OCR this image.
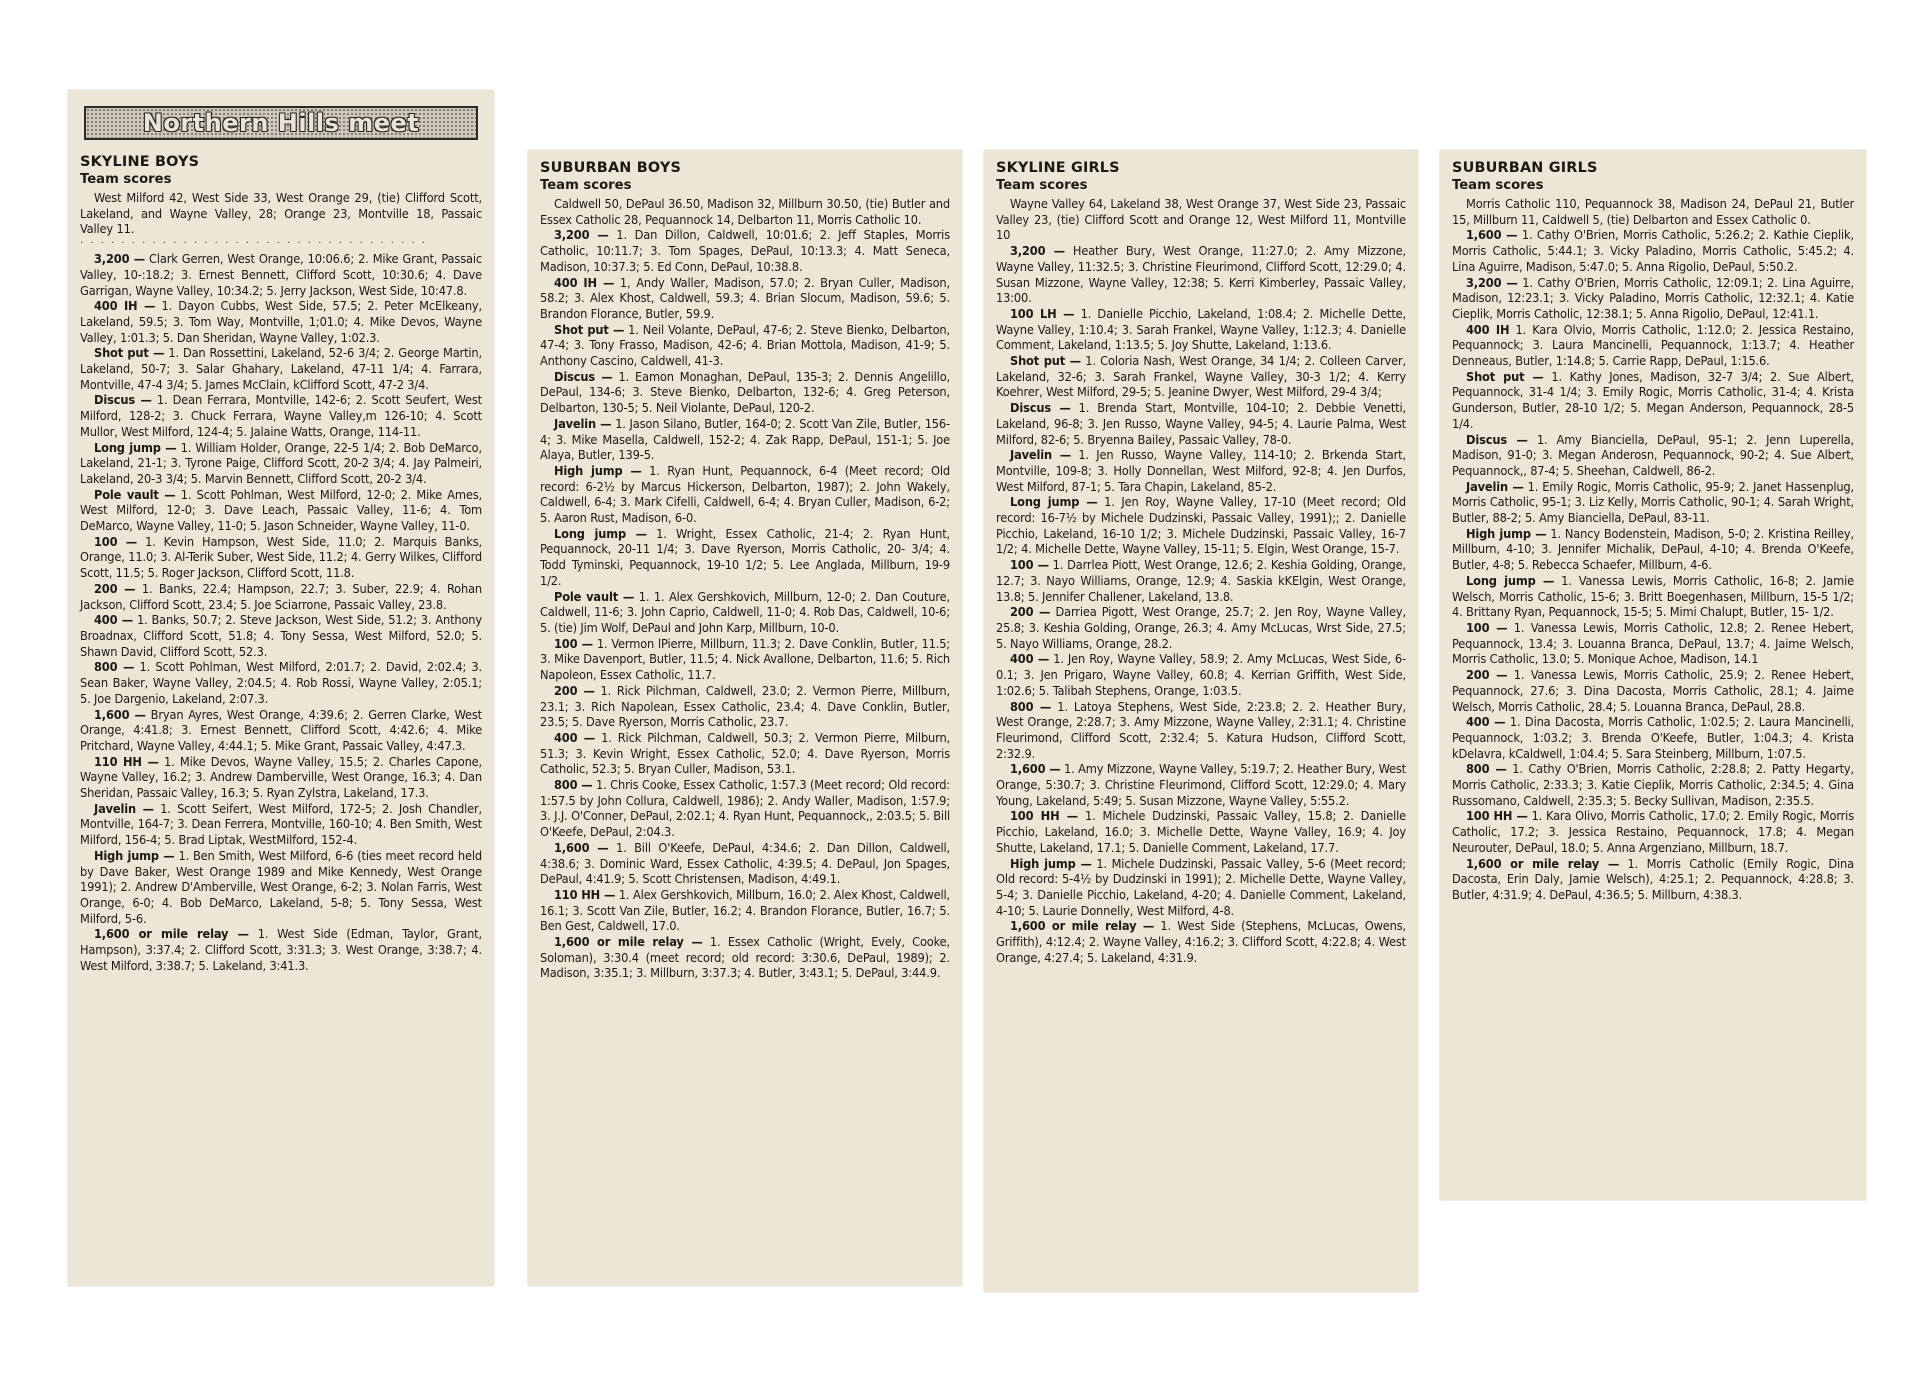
Northern Hills meet
SKYLINE BOYS
Team scores

West Milford 42, West Side 33, West Orange 29, (tie) Clifford Scott, Lakeland, and Wayne Valley, 28; Orange 23, Montville 18, Passaic Valley 11.

· · · · · · · · · · · · · · · · · · · · · · · · · · · · · · · · · ·

3,200 — Clark Gerren, West Orange, 10:06.6; 2. Mike Grant, Passaic Valley, 10-:18.2; 3. Ernest Bennett, Clifford Scott, 10:30.6; 4. Dave Garrigan, Wayne Valley, 10:34.2; 5. Jerry Jackson, West Side, 10:47.8.

400 IH — 1. Dayon Cubbs, West Side, 57.5; 2. Peter McElkeany, Lakeland, 59.5; 3. Tom Way, Montville, 1;01.0; 4. Mike Devos, Wayne Valley, 1:01.3; 5. Dan Sheridan, Wayne Valley, 1:02.3.

Shot put — 1. Dan Rossettini, Lakeland, 52-6 3/4; 2. George Martin, Lakeland, 50-7; 3. Salar Ghahary, Lakeland, 47-11 1/4; 4. Farrara, Montville, 47-4 3/4; 5. James McClain, kClifford Scott, 47-2 3/4.

Discus — 1. Dean Ferrara, Montville, 142-6; 2. Scott Seufert, West Milford, 128-2; 3. Chuck Ferrara, Wayne Valley,m 126-10; 4. Scott Mullor, West Milford, 124-4; 5. Jalaine Watts, Orange, 114-11.

Long jump — 1. William Holder, Orange, 22-5 1/4; 2. Bob DeMarco, Lakeland, 21-1; 3. Tyrone Paige, Clifford Scott, 20-2 3/4; 4. Jay Palmeiri, Lakeland, 20-3 3/4; 5. Marvin Bennett, Clifford Scott, 20-2 3/4.

Pole vault — 1. Scott Pohlman, West Milford, 12-0; 2. Mike Ames, West Milford, 12-0; 3. Dave Leach, Passaic Valley, 11-6; 4. Tom DeMarco, Wayne Valley, 11-0; 5. Jason Schneider, Wayne Valley, 11-0.

100 — 1. Kevin Hampson, West Side, 11.0; 2. Marquis Banks, Orange, 11.0; 3. Al-Terik Suber, West Side, 11.2; 4. Gerry Wilkes, Clifford Scott, 11.5; 5. Roger Jackson, Clifford Scott, 11.8.

200 — 1. Banks, 22.4; Hampson, 22.7; 3. Suber, 22.9; 4. Rohan Jackson, Clifford Scott, 23.4; 5. Joe Sciarrone, Passaic Valley, 23.8.

400 — 1. Banks, 50.7; 2. Steve Jackson, West Side, 51.2; 3. Anthony Broadnax, Clifford Scott, 51.8; 4. Tony Sessa, West Milford, 52.0; 5. Shawn David, Clifford Scott, 52.3.

800 — 1. Scott Pohlman, West Milford, 2:01.7; 2. David, 2:02.4; 3. Sean Baker, Wayne Valley, 2:04.5; 4. Rob Rossi, Wayne Valley, 2:05.1; 5. Joe Dargenio, Lakeland, 2:07.3.

1,600 — Bryan Ayres, West Orange, 4:39.6; 2. Gerren Clarke, West Orange, 4:41.8; 3. Ernest Bennett, Clifford Scott, 4:42.6; 4. Mike Pritchard, Wayne Valley, 4:44.1; 5. Mike Grant, Passaic Valley, 4:47.3.

110 HH — 1. Mike Devos, Wayne Valley, 15.5; 2. Charles Capone, Wayne Valley, 16.2; 3. Andrew Damberville, West Orange, 16.3; 4. Dan Sheridan, Passaic Valley, 16.3; 5. Ryan Zylstra, Lakeland, 17.3.

Javelin — 1. Scott Seifert, West Milford, 172-5; 2. Josh Chandler, Montville, 164-7; 3. Dean Ferrera, Montville, 160-10; 4. Ben Smith, West Milford, 156-4; 5. Brad Liptak, WestMilford, 152-4.

High jump — 1. Ben Smith, West Milford, 6-6 (ties meet record held by Dave Baker, West Orange 1989 and Mike Kennedy, West Orange 1991); 2. Andrew D'Amberville, West Orange, 6-2; 3. Nolan Farris, West Orange, 6-0; 4. Bob DeMarco, Lakeland, 5-8; 5. Tony Sessa, West Milford, 5-6.

1,600 or mile relay — 1. West Side (Edman, Taylor, Grant, Hampson), 3:37.4; 2. Clifford Scott, 3:31.3; 3. West Orange, 3:38.7; 4. West Milford, 3:38.7; 5. Lakeland, 3:41.3.

SUBURBAN BOYS
Team scores

Caldwell 50, DePaul 36.50, Madison 32, Millburn 30.50, (tie) Butler and Essex Catholic 28, Pequannock 14, Delbarton 11, Morris Catholic 10.

3,200 — 1. Dan Dillon, Caldwell, 10:01.6; 2. Jeff Staples, Morris Catholic, 10:11.7; 3. Tom Spages, DePaul, 10:13.3; 4. Matt Seneca, Madison, 10:37.3; 5. Ed Conn, DePaul, 10:38.8.

400 IH — 1, Andy Waller, Madison, 57.0; 2. Bryan Culler, Madison, 58.2; 3. Alex Khost, Caldwell, 59.3; 4. Brian Slocum, Madison, 59.6; 5. Brandon Florance, Butler, 59.9.

Shot put — 1. Neil Volante, DePaul, 47-6; 2. Steve Bienko, Delbarton, 47-4; 3. Tony Frasso, Madison, 42-6; 4. Brian Mottola, Madison, 41-9; 5. Anthony Cascino, Caldwell, 41-3.

Discus — 1. Eamon Monaghan, DePaul, 135-3; 2. Dennis Angelillo, DePaul, 134-6; 3. Steve Bienko, Delbarton, 132-6; 4. Greg Peterson, Delbarton, 130-5; 5. Neil Violante, DePaul, 120-2.

Javelin — 1. Jason Silano, Butler, 164-0; 2. Scott Van Zile, Butler, 156-4; 3. Mike Masella, Caldwell, 152-2; 4. Zak Rapp, DePaul, 151-1; 5. Joe Alaya, Butler, 139-5.

High jump — 1. Ryan Hunt, Pequannock, 6-4 (Meet record; Old record: 6-2½ by Marcus Hickerson, Delbarton, 1987); 2. John Wakely, Caldwell, 6-4; 3. Mark Cifelli, Caldwell, 6-4; 4. Bryan Culler, Madison, 6-2; 5. Aaron Rust, Madison, 6-0.

Long jump — 1. Wright, Essex Catholic, 21-4; 2. Ryan Hunt, Pequannock, 20-11 1/4; 3. Dave Ryerson, Morris Catholic, 20- 3/4; 4. Todd Tyminski, Pequannock, 19-10 1/2; 5. Lee Anglada, Millburn, 19-9 1/2.

Pole vault — 1. 1. Alex Gershkovich, Millburn, 12-0; 2. Dan Couture, Caldwell, 11-6; 3. John Caprio, Caldwell, 11-0; 4. Rob Das, Caldwell, 10-6; 5. (tie) Jim Wolf, DePaul and John Karp, Millburn, 10-0.

100 — 1. Vermon lPierre, Millburn, 11.3; 2. Dave Conklin, Butler, 11.5; 3. Mike Davenport, Butler, 11.5; 4. Nick Avallone, Delbarton, 11.6; 5. Rich Napoleon, Essex Catholic, 11.7.

200 — 1. Rick Pilchman, Caldwell, 23.0; 2. Vermon Pierre, Millburn, 23.1; 3. Rich Napolean, Essex Catholic, 23.4; 4. Dave Conklin, Butler, 23.5; 5. Dave Ryerson, Morris Catholic, 23.7.

400 — 1. Rick Pilchman, Caldwell, 50.3; 2. Vermon Pierre, Milburn, 51.3; 3. Kevin Wright, Essex Catholic, 52.0; 4. Dave Ryerson, Morris Catholic, 52.3; 5. Bryan Culler, Madison, 53.1.

800 — 1. Chris Cooke, Essex Catholic, 1:57.3 (Meet record; Old record: 1:57.5 by John Collura, Caldwell, 1986); 2. Andy Waller, Madison, 1:57.9; 3. J.J. O'Conner, DePaul, 2:02.1; 4. Ryan Hunt, Pequannock,, 2:03.5; 5. Bill O'Keefe, DePaul, 2:04.3.

1,600 — 1. Bill O'Keefe, DePaul, 4:34.6; 2. Dan Dillon, Caldwell, 4:38.6; 3. Dominic Ward, Essex Catholic, 4:39.5; 4. DePaul, Jon Spages, DePaul, 4:41.9; 5. Scott Christensen, Madison, 4:49.1.

110 HH — 1. Alex Gershkovich, Millburn, 16.0; 2. Alex Khost, Caldwell, 16.1; 3. Scott Van Zile, Butler, 16.2; 4. Brandon Florance, Butler, 16.7; 5. Ben Gest, Caldwell, 17.0.

1,600 or mile relay — 1. Essex Catholic (Wright, Evely, Cooke, Soloman), 3:30.4 (meet record; old record: 3:30.6, DePaul, 1989); 2. Madison, 3:35.1; 3. Millburn, 3:37.3; 4. Butler, 3:43.1; 5. DePaul, 3:44.9.

SKYLINE GIRLS
Team scores

Wayne Valley 64, Lakeland 38, West Orange 37, West Side 23, Passaic Valley 23, (tie) Clifford Scott and Orange 12, West Milford 11, Montville 10

3,200 — Heather Bury, West Orange, 11:27.0; 2. Amy Mizzone, Wayne Valley, 11:32.5; 3. Christine Fleurimond, Clifford Scott, 12:29.0; 4. Susan Mizzone, Wayne Valley, 12:38; 5. Kerri Kimberley, Passaic Valley, 13:00.

100 LH — 1. Danielle Picchio, Lakeland, 1:08.4; 2. Michelle Dette, Wayne Valley, 1:10.4; 3. Sarah Frankel, Wayne Valley, 1:12.3; 4. Danielle Comment, Lakeland, 1:13.5; 5. Joy Shutte, Lakeland, 1:13.6.

Shot put — 1. Coloria Nash, West Orange, 34 1/4; 2. Colleen Carver, Lakeland, 32-6; 3. Sarah Frankel, Wayne Valley, 30-3 1/2; 4. Kerry Koehrer, West Milford, 29-5; 5. Jeanine Dwyer, West Milford, 29-4 3/4;

Discus — 1. Brenda Start, Montville, 104-10; 2. Debbie Venetti, Lakeland, 96-8; 3. Jen Russo, Wayne Valley, 94-5; 4. Laurie Palma, West Milford, 82-6; 5. Bryenna Bailey, Passaic Valley, 78-0.

Javelin — 1. Jen Russo, Wayne Valley, 114-10; 2. Brkenda Start, Montville, 109-8; 3. Holly Donnellan, West Milford, 92-8; 4. Jen Durfos, West Milford, 87-1; 5. Tara Chapin, Lakeland, 85-2.

Long jump — 1. Jen Roy, Wayne Valley, 17-10 (Meet record; Old record: 16-7½ by Michele Dudzinski, Passaic Valley, 1991);; 2. Danielle Picchio, Lakeland, 16-10 1/2; 3. Michele Dudzinski, Passaic Valley, 16-7 1/2; 4. Michelle Dette, Wayne Valley, 15-11; 5. Elgin, West Orange, 15-7.

100 — 1. Darrlea Piott, West Orange, 12.6; 2. Keshia Golding, Orange, 12.7; 3. Nayo Williams, Orange, 12.9; 4. Saskia kKElgin, West Orange, 13.8; 5. Jennifer Challener, Lakeland, 13.8.

200 — Darriea Pigott, West Orange, 25.7; 2. Jen Roy, Wayne Valley, 25.8; 3. Keshia Golding, Orange, 26.3; 4. Amy McLucas, Wrst Side, 27.5; 5. Nayo Williams, Orange, 28.2.

400 — 1. Jen Roy, Wayne Valley, 58.9; 2. Amy McLucas, West Side, 6-0.1; 3. Jen Prigaro, Wayne Valley, 60.8; 4. Kerrian Griffith, West Side, 1:02.6; 5. Talibah Stephens, Orange, 1:03.5.

800 — 1. Latoya Stephens, West Side, 2:23.8; 2. 2. Heather Bury, West Orange, 2:28.7; 3. Amy Mizzone, Wayne Valley, 2:31.1; 4. Christine Fleurimond, Clifford Scott, 2:32.4; 5. Katura Hudson, Clifford Scott, 2:32.9.

1,600 — 1. Amy Mizzone, Wayne Valley, 5:19.7; 2. Heather Bury, West Orange, 5:30.7; 3. Christine Fleurimond, Clifford Scott, 12:29.0; 4. Mary Young, Lakeland, 5:49; 5. Susan Mizzone, Wayne Valley, 5:55.2.

100 HH — 1. Michele Dudzinski, Passaic Valley, 15.8; 2. Danielle Picchio, Lakeland, 16.0; 3. Michelle Dette, Wayne Valley, 16.9; 4. Joy Shutte, Lakeland, 17.1; 5. Danielle Comment, Lakeland, 17.7.

High jump — 1. Michele Dudzinski, Passaic Valley, 5-6 (Meet record; Old record: 5-4½ by Dudzinski in 1991); 2. Michelle Dette, Wayne Valley, 5-4; 3. Danielle Picchio, Lakeland, 4-20; 4. Danielle Comment, Lakeland, 4-10; 5. Laurie Donnelly, West Milford, 4-8.

1,600 or mile relay — 1. West Side (Stephens, McLucas, Owens, Griffith), 4:12.4; 2. Wayne Valley, 4:16.2; 3. Clifford Scott, 4:22.8; 4. West Orange, 4:27.4; 5. Lakeland, 4:31.9.

SUBURBAN GIRLS
Team scores

Morris Catholic 110, Pequannock 38, Madison 24, DePaul 21, Butler 15, Millburn 11, Caldwell 5, (tie) Delbarton and Essex Catholic 0.

1,600 — 1. Cathy O'Brien, Morris Catholic, 5:26.2; 2. Kathie Cieplik, Morris Catholic, 5:44.1; 3. Vicky Paladino, Morris Catholic, 5:45.2; 4. Lina Aguirre, Madison, 5:47.0; 5. Anna Rigolio, DePaul, 5:50.2.

3,200 — 1. Cathy O'Brien, Morris Catholic, 12:09.1; 2. Lina Aguirre, Madison, 12:23.1; 3. Vicky Paladino, Morris Catholic, 12:32.1; 4. Katie Cieplik, Morris Catholic, 12:38.1; 5. Anna Rigolio, DePaul, 12:41.1.

400 IH 1. Kara Olvio, Morris Catholic, 1:12.0; 2. Jessica Restaino, Pequannock; 3. Laura Mancinelli, Pequannock, 1:13.7; 4. Heather Denneaus, Butler, 1:14.8; 5. Carrie Rapp, DePaul, 1:15.6.

Shot put — 1. Kathy Jones, Madison, 32-7 3/4; 2. Sue Albert, Pequannock, 31-4 1/4; 3. Emily Rogic, Morris Catholic, 31-4; 4. Krista Gunderson, Butler, 28-10 1/2; 5. Megan Anderson, Pequannock, 28-5 1/4.

Discus — 1. Amy Bianciella, DePaul, 95-1; 2. Jenn Luperella, Madison, 91-0; 3. Megan Anderosn, Pequannock, 90-2; 4. Sue Albert, Pequannock,, 87-4; 5. Sheehan, Caldwell, 86-2.

Javelin — 1. Emily Rogic, Morris Catholic, 95-9; 2. Janet Hassenplug, Morris Catholic, 95-1; 3. Liz Kelly, Morris Catholic, 90-1; 4. Sarah Wright, Butler, 88-2; 5. Amy Bianciella, DePaul, 83-11.

High jump — 1. Nancy Bodenstein, Madison, 5-0; 2. Kristina Reilley, Millburn, 4-10; 3. Jennifer Michalik, DePaul, 4-10; 4. Brenda O'Keefe, Butler, 4-8; 5. Rebecca Schaefer, Millburn, 4-6.

Long jump — 1. Vanessa Lewis, Morris Catholic, 16-8; 2. Jamie Welsch, Morris Catholic, 15-6; 3. Britt Boegenhasen, Millburn, 15-5 1/2; 4. Brittany Ryan, Pequannock, 15-5; 5. Mimi Chalupt, Butler, 15- 1/2.

100 — 1. Vanessa Lewis, Morris Catholic, 12.8; 2. Renee Hebert, Pequannock, 13.4; 3. Louanna Branca, DePaul, 13.7; 4. Jaime Welsch, Morris Catholic, 13.0; 5. Monique Achoe, Madison, 14.1

200 — 1. Vanessa Lewis, Morris Catholic, 25.9; 2. Renee Hebert, Pequannock, 27.6; 3. Dina Dacosta, Morris Catholic, 28.1; 4. Jaime Welsch, Morris Catholic, 28.4; 5. Louanna Branca, DePaul, 28.8.

400 — 1. Dina Dacosta, Morris Catholic, 1:02.5; 2. Laura Mancinelli, Pequannock, 1:03.2; 3. Brenda O'Keefe, Butler, 1:04.3; 4. Krista kDelavra, kCaldwell, 1:04.4; 5. Sara Steinberg, Millburn, 1:07.5.

800 — 1. Cathy O'Brien, Morris Catholic, 2:28.8; 2. Patty Hegarty, Morris Catholic, 2:33.3; 3. Katie Cieplik, Morris Catholic, 2:34.5; 4. Gina Russomano, Caldwell, 2:35.3; 5. Becky Sullivan, Madison, 2:35.5.

100 HH — 1. Kara Olivo, Morris Catholic, 17.0; 2. Emily Rogic, Morris Catholic, 17.2; 3. Jessica Restaino, Pequannock, 17.8; 4. Megan Neurouter, DePaul, 18.0; 5. Anna Argenziano, Millburn, 18.7.

1,600 or mile relay — 1. Morris Catholic (Emily Rogic, Dina Dacosta, Erin Daly, Jamie Welsch), 4:25.1; 2. Pequannock, 4:28.8; 3. Butler, 4:31.9; 4. DePaul, 4:36.5; 5. Millburn, 4:38.3.
